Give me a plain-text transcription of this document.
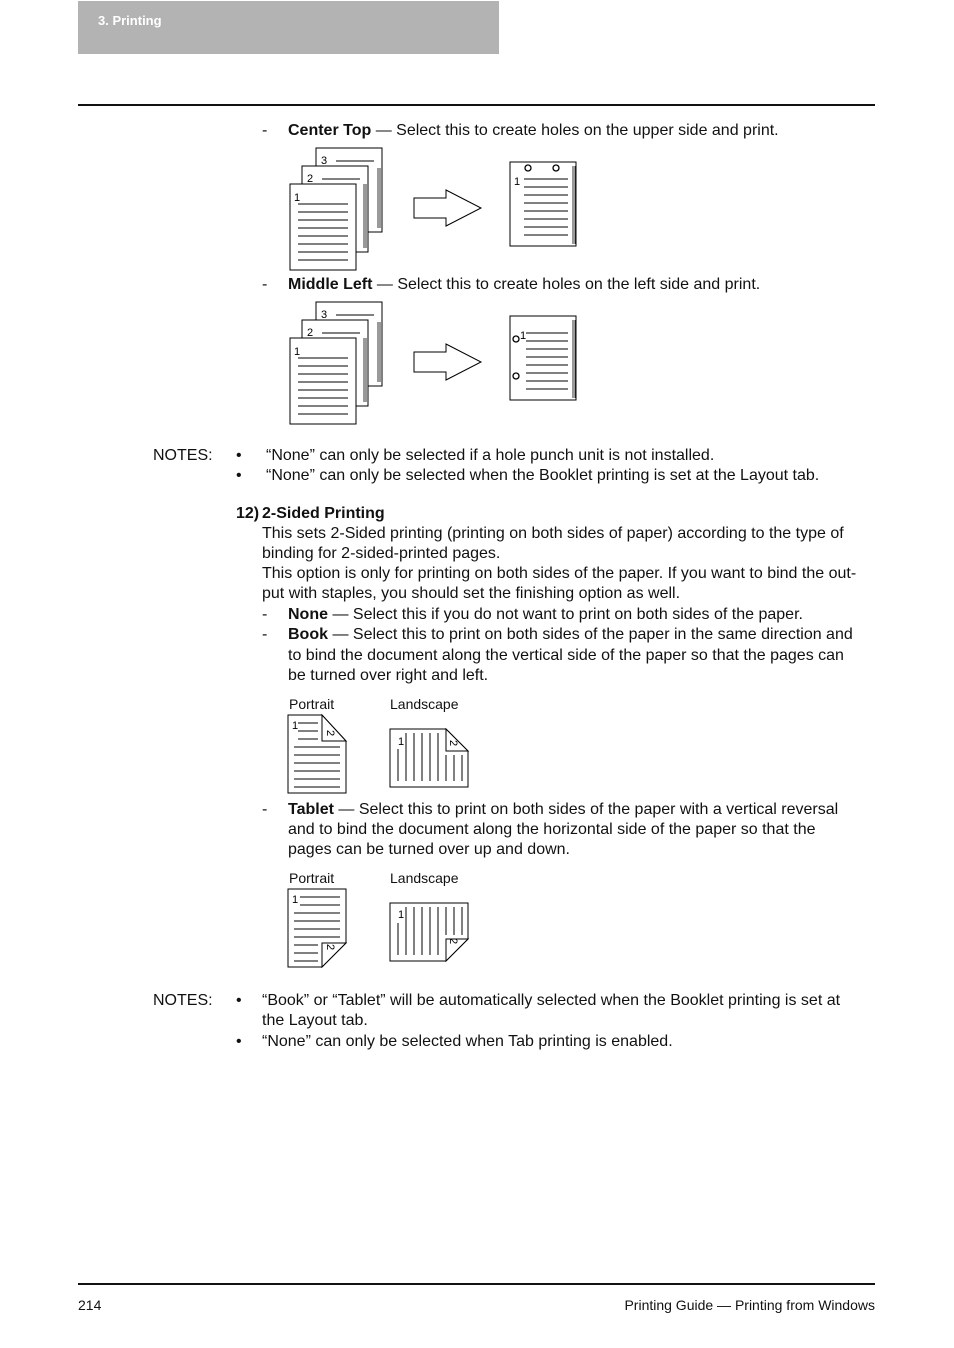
3. Printing
- Center Top — Select this to create holes on the upper side and print.
3
2
1
1
- Middle Left — Select this to create holes on the left side and print.
3
2
1
1
NOTES: • “None” can only be selected if a hole punch unit is not installed.
• “None” can only be selected when the Booklet printing is set at the Layout tab.
12) 2-Sided Printing
This sets 2-Sided printing (printing on both sides of paper) according to the type of
binding for 2-sided-printed pages.
This option is only for printing on both sides of the paper. If you want to bind the out-
put with staples, you should set the finishing option as well.
- None — Select this if you do not want to print on both sides of the paper.
- Book — Select this to print on both sides of the paper in the same direction and
to bind the document along the vertical side of the paper so that the pages can
be turned over right and left.
Portrait	Landscape
1
2
1	2
- Tablet — Select this to print on both sides of the paper with a vertical reversal
and to bind the document along the horizontal side of the paper so that the
pages can be turned over up and down.
Portrait	Landscape
1
2
1
2
NOTES: • “Book” or “Tablet” will be automatically selected when the Booklet printing is set at
the Layout tab.
• “None” can only be selected when Tab printing is enabled.
214	Printing Guide — Printing from Windows
